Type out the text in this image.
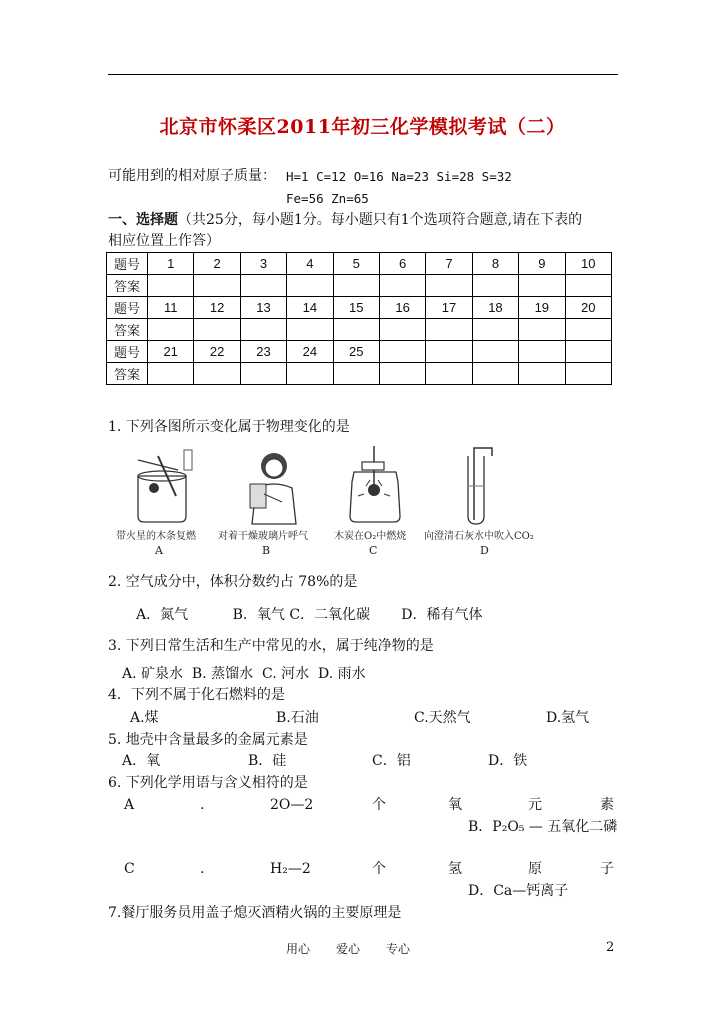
北京市怀柔区2011年初三化学模拟考试（二）
可能用到的相对原子质量： H=1 C=12 O=16 Na=23 Si=28 S=32
Fe=56 Zn=65
一、选择题（共25分，每小题1分。每小题只有1个选项符合题意,请在下表的
相应位置上作答）
题号	1	2	3	4	5	6	7	8	9	10
答案										
题号	11	12	13	14	15	16	17	18	19	20
答案										
题号	21	22	23	24	25					
答案										
1. 下列各图所示变化属于物理变化的是
带火星的木条复燃
A
对着干燥玻璃片呼气
B
木炭在O₂中燃烧
C
向澄清石灰水中吹入CO₂
D
2. 空气成分中，体积分数约占 78%的是
A．氮气          B．氧气 C．二氧化碳       D．稀有气体
3. 下列日常生活和生产中常见的水，属于纯净物的是
A. 矿泉水  B. 蒸馏水  C. 河水  D. 雨水
4．下列不属于化石燃料的是
A.煤	B.石油	C.天然气	D.氢气
5. 地壳中含量最多的金属元素是
A．氧	B．硅	C．铝	D．铁
6. 下列化学用语与含义相符的是
A	.	2O—2	个	氧	元	素
B．P₂O₅ — 五氧化二磷
C	.	H₂—2	个	氢	原	子
D．Ca—钙离子
7.餐厅服务员用盖子熄灭酒精火锅的主要原理是
用心 爱心 专心	2
